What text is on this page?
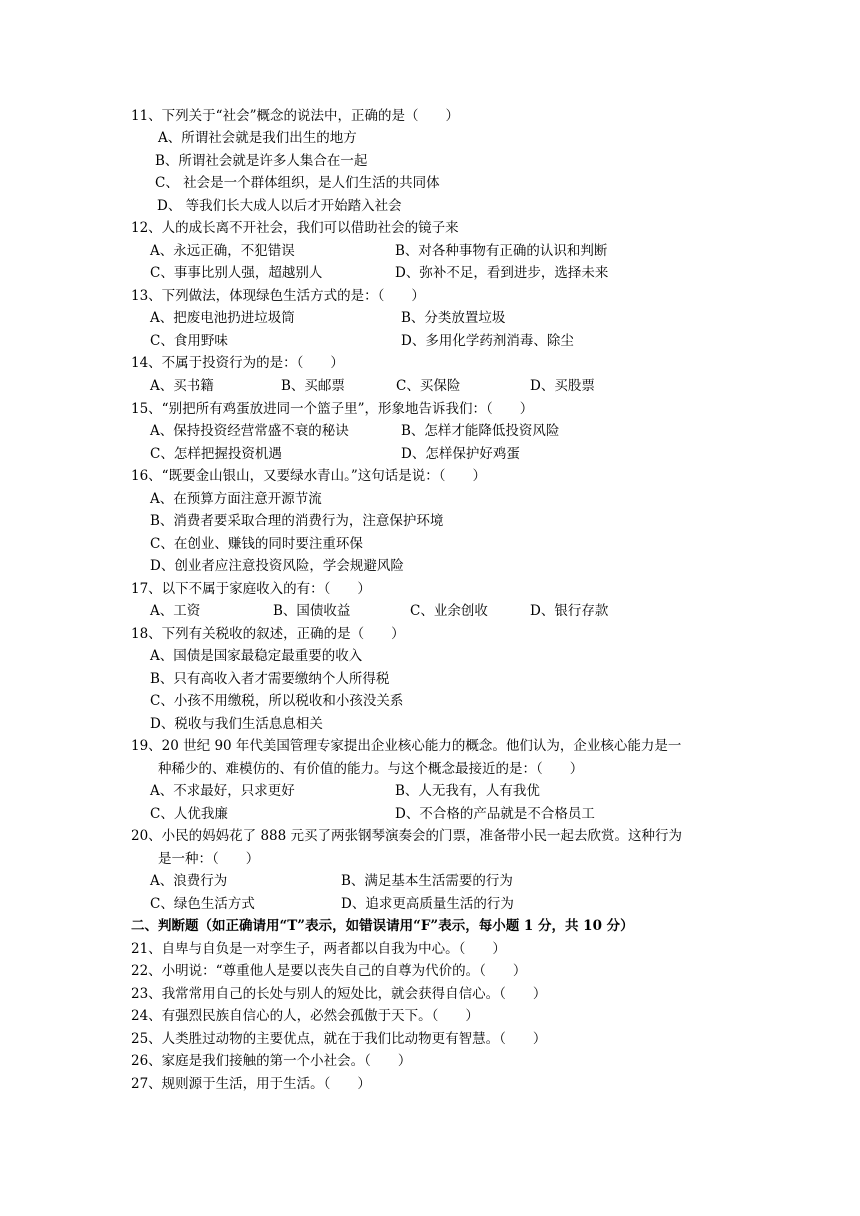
11、下列关于“社会”概念的说法中，正确的是（　　）
A、所谓社会就是我们出生的地方
B、所谓社会就是许多人集合在一起
C、 社会是一个群体组织，是人们生活的共同体
D、 等我们长大成人以后才开始踏入社会
12、人的成长离不开社会，我们可以借助社会的镜子来
A、永远正确，不犯错误	B、对各种事物有正确的认识和判断
C、事事比别人强，超越别人	D、弥补不足，看到进步，选择未来
13、下列做法，体现绿色生活方式的是：（　　）
A、把废电池扔进垃圾筒	B、分类放置垃圾
C、食用野味	D、多用化学药剂消毒、除尘
14、不属于投资行为的是：（　　）
A、买书籍	B、买邮票	C、买保险	D、买股票
15、“别把所有鸡蛋放进同一个篮子里”，形象地告诉我们：（　　）
A、保持投资经营常盛不衰的秘诀	B、怎样才能降低投资风险
C、怎样把握投资机遇	D、怎样保护好鸡蛋
16、“既要金山银山，又要绿水青山。”这句话是说：（　　）
A、在预算方面注意开源节流
B、消费者要采取合理的消费行为，注意保护环境
C、在创业、赚钱的同时要注重环保
D、创业者应注意投资风险，学会规避风险
17、以下不属于家庭收入的有：（　　）
A、工资	B、国债收益	C、业余创收	D、银行存款
18、下列有关税收的叙述，正确的是（　　）
A、国债是国家最稳定最重要的收入
B、只有高收入者才需要缴纳个人所得税
C、小孩不用缴税，所以税收和小孩没关系
D、税收与我们生活息息相关
19、20 世纪 90 年代美国管理专家提出企业核心能力的概念。他们认为，企业核心能力是一
种稀少的、难模仿的、有价值的能力。与这个概念最接近的是：（　　）
A、不求最好，只求更好	B、人无我有，人有我优
C、人优我廉	D、不合格的产品就是不合格员工
20、小民的妈妈花了 888 元买了两张钢琴演奏会的门票，准备带小民一起去欣赏。这种行为
是一种：（　　）
A、浪费行为	B、满足基本生活需要的行为
C、绿色生活方式	D、追求更高质量生活的行为
二、判断题（如正确请用“T”表示，如错误请用“F”表示，每小题 1 分，共 10 分）
21、自卑与自负是一对孪生子，两者都以自我为中心。（　　）
22、小明说：“尊重他人是要以丧失自己的自尊为代价的。（　　）
23、我常常用自己的长处与别人的短处比，就会获得自信心。（　　）
24、有强烈民族自信心的人，必然会孤傲于天下。（　　）
25、人类胜过动物的主要优点，就在于我们比动物更有智慧。（　　）
26、家庭是我们接触的第一个小社会。（　　）
27、规则源于生活，用于生活。（　　）
